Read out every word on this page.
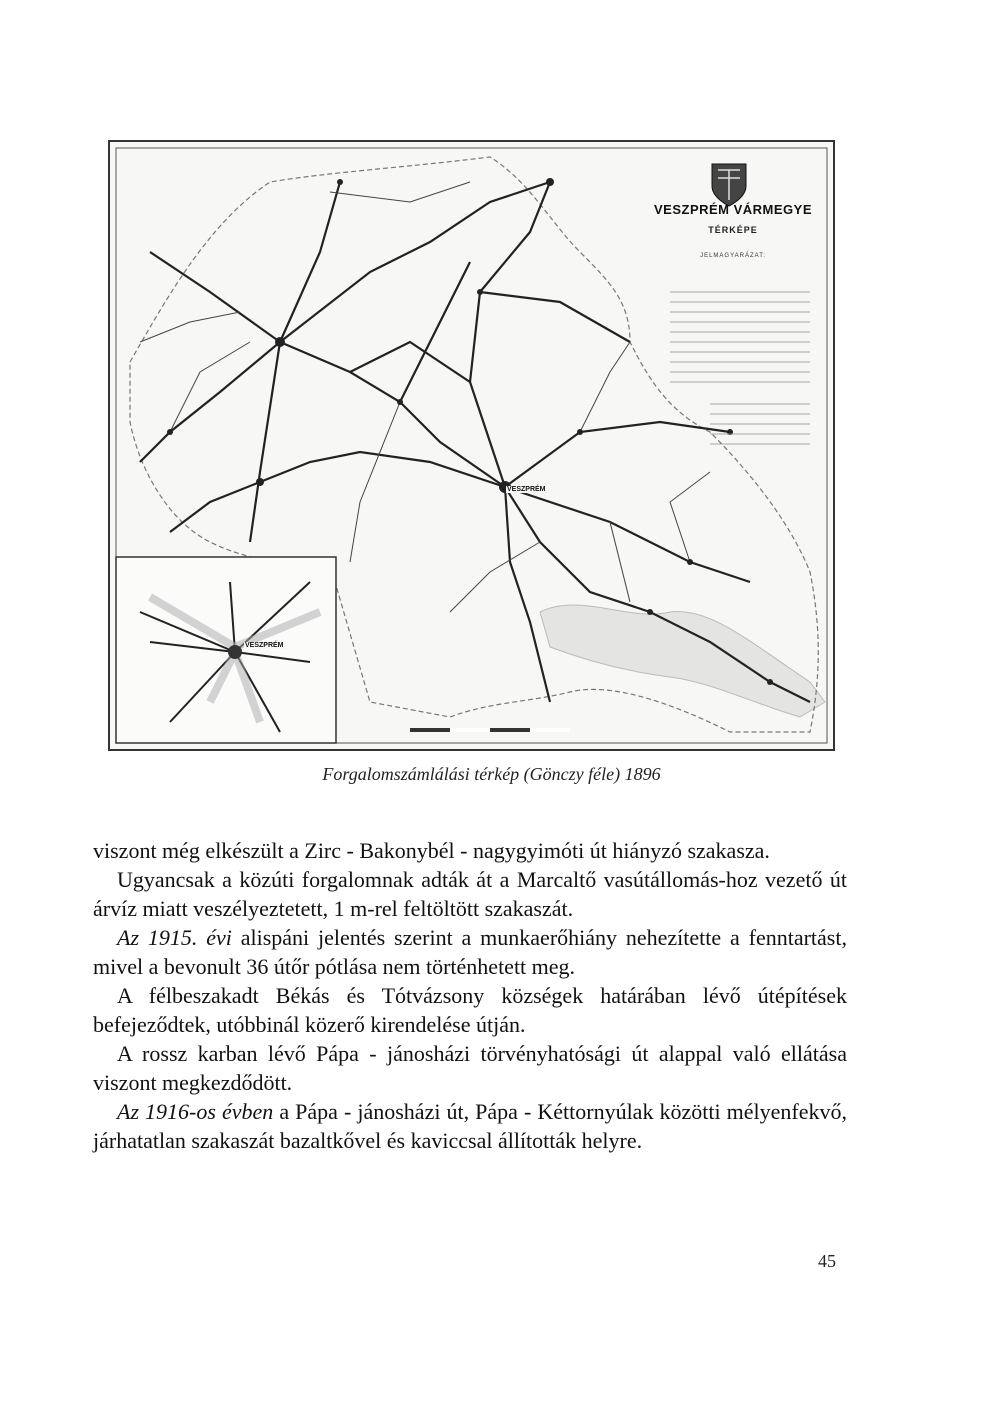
VESZPRÉM VÁRMEGYE
TÉRKÉPE
JELMAGYARÁZAT:
VESZPRÉM
VESZPRÉM
Forgalomszámlálási térkép (Gönczy féle) 1896

viszont még elkészült a Zirc - Bakonybél - nagygyimóti út hiányzó szakasza.

Ugyancsak a közúti forgalomnak adták át a Marcaltő vasútállomás-hoz vezető út árvíz miatt veszélyeztetett, 1 m-rel feltöltött szakaszát.

Az 1915. évi alispáni jelentés szerint a munkaerőhiány nehezítette a fenntartást, mivel a bevonult 36 útőr pótlása nem történhetett meg.

A félbeszakadt Békás és Tótvázsony községek határában lévő útépítések befejeződtek, utóbbinál közerő kirendelése útján.

A rossz karban lévő Pápa - jánosházi törvényhatósági út alappal való ellátása viszont megkezdődött.

Az 1916-os évben a Pápa - jánosházi út, Pápa - Kéttornyúlak közötti mélyenfekvő, járhatatlan szakaszát bazaltkővel és kaviccsal állították helyre.

45
